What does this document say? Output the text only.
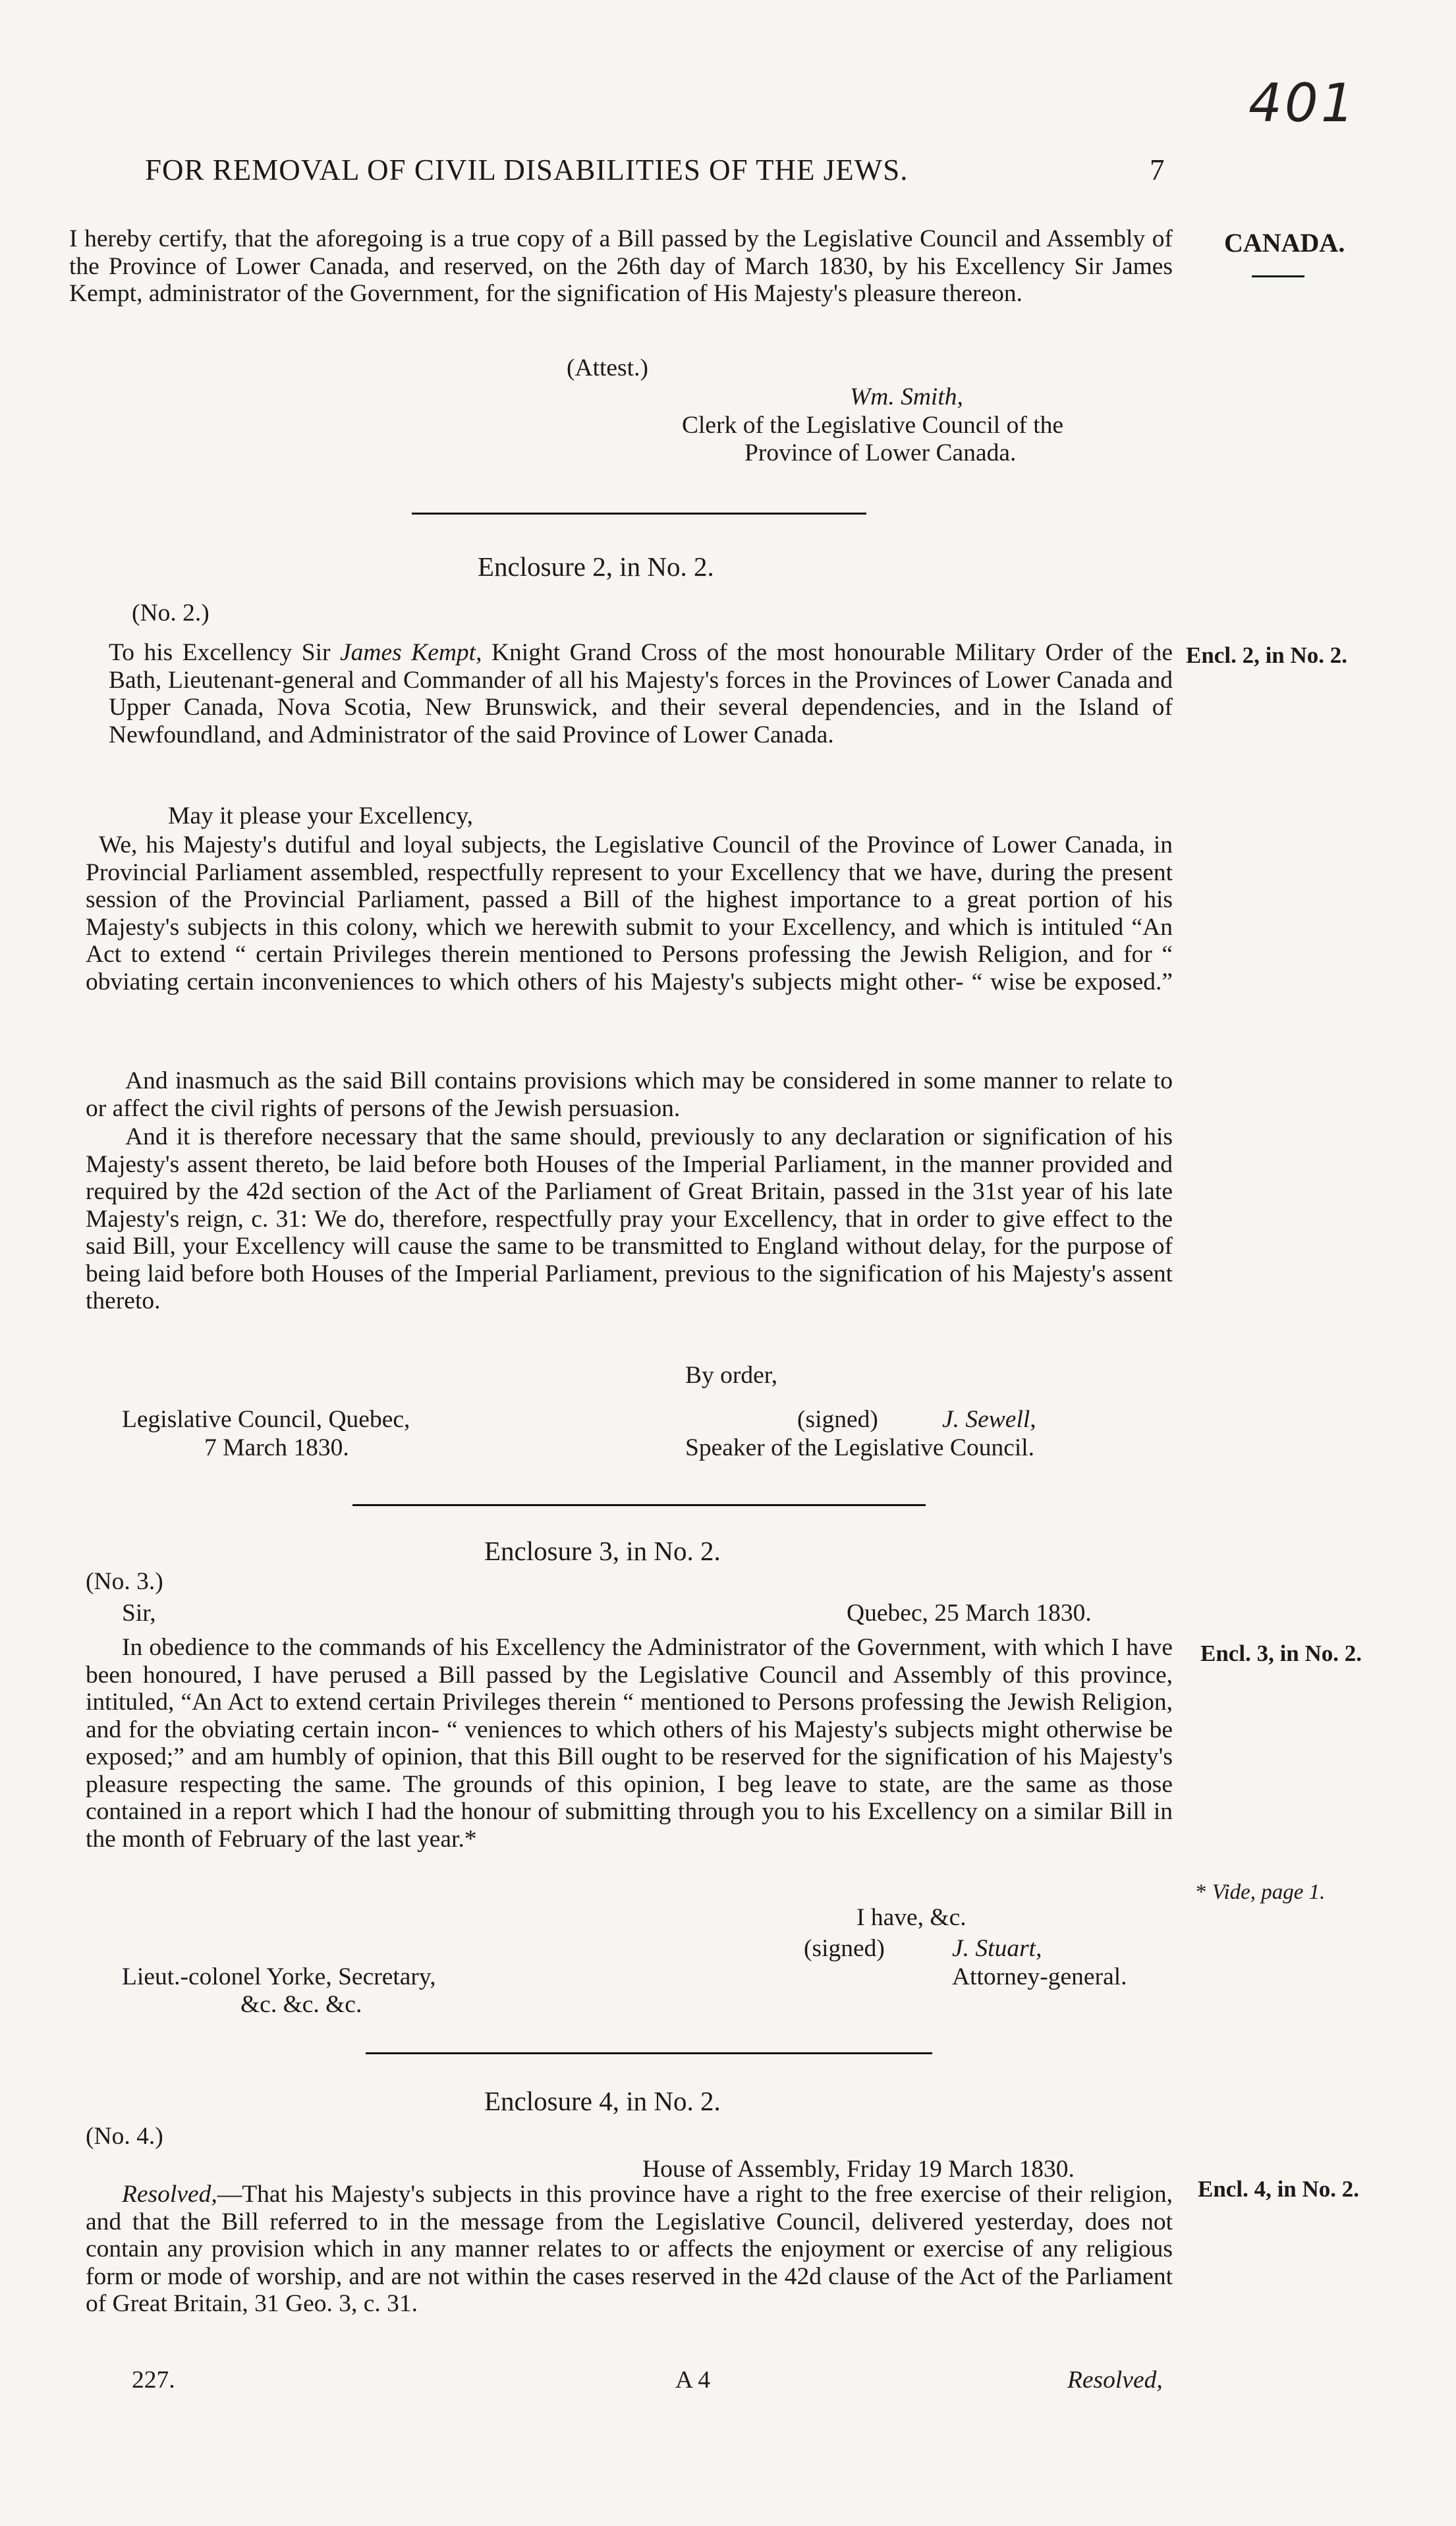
401
FOR REMOVAL OF CIVIL DISABILITIES OF THE JEWS.	7
CANADA.

I hereby certify, that the aforegoing is a true copy of a Bill passed by the Legislative Council and Assembly of the Province of Lower Canada, and reserved, on the 26th day of March 1830, by his Excellency Sir James Kempt, administrator of the Government, for the signification of His Majesty's pleasure thereon.

(Attest.)
Wm. Smith,
Clerk of the Legislative Council of the
Province of Lower Canada.
Enclosure 2, in No. 2.
(No. 2.)
Encl. 2, in No. 2.

To his Excellency Sir James Kempt, Knight Grand Cross of the most honourable Military Order of the Bath, Lieutenant-general and Commander of all his Majesty's forces in the Provinces of Lower Canada and Upper Canada, Nova Scotia, New Brunswick, and their several dependencies, and in the Island of Newfoundland, and Administrator of the said Province of Lower Canada.

May it please your Excellency,

We, his Majesty's dutiful and loyal subjects, the Legislative Council of the Province of Lower Canada, in Provincial Parliament assembled, respectfully represent to your Excellency that we have, during the present session of the Provincial Parliament, passed a Bill of the highest importance to a great portion of his Majesty's subjects in this colony, which we herewith submit to your Excellency, and which is intituled “An Act to extend “ certain Privileges therein mentioned to Persons professing the Jewish Religion, and for “ obviating certain inconveniences to which others of his Majesty's subjects might other- “ wise be exposed.”

And inasmuch as the said Bill contains provisions which may be considered in some manner to relate to or affect the civil rights of persons of the Jewish persuasion.

And it is therefore necessary that the same should, previously to any declaration or signification of his Majesty's assent thereto, be laid before both Houses of the Imperial Parliament, in the manner provided and required by the 42d section of the Act of the Parliament of Great Britain, passed in the 31st year of his late Majesty's reign, c. 31: We do, therefore, respectfully pray your Excellency, that in order to give effect to the said Bill, your Excellency will cause the same to be transmitted to England without delay, for the purpose of being laid before both Houses of the Imperial Parliament, previous to the signification of his Majesty's assent thereto.

By order,
Legislative Council, Quebec,
7 March 1830.
(signed)	J. Sewell,
Speaker of the Legislative Council.
Enclosure 3, in No. 2.
(No. 3.)
Sir,	Quebec, 25 March 1830.
Encl. 3, in No. 2.

In obedience to the commands of his Excellency the Administrator of the Government, with which I have been honoured, I have perused a Bill passed by the Legislative Council and Assembly of this province, intituled, “An Act to extend certain Privileges therein “ mentioned to Persons professing the Jewish Religion, and for the obviating certain incon- “ veniences to which others of his Majesty's subjects might otherwise be exposed;” and am humbly of opinion, that this Bill ought to be reserved for the signification of his Majesty's pleasure respecting the same. The grounds of this opinion, I beg leave to state, are the same as those contained in a report which I had the honour of submitting through you to his Excellency on a similar Bill in the month of February of the last year.*

* Vide, page 1.
I have, &c.
(signed)	J. Stuart,
Attorney-general.
Lieut.-colonel Yorke, Secretary,
&c. &c. &c.
Enclosure 4, in No. 2.
(No. 4.)
House of Assembly, Friday 19 March 1830.
Encl. 4, in No. 2.

Resolved,—That his Majesty's subjects in this province have a right to the free exercise of their religion, and that the Bill referred to in the message from the Legislative Council, delivered yesterday, does not contain any provision which in any manner relates to or affects the enjoyment or exercise of any religious form or mode of worship, and are not within the cases reserved in the 42d clause of the Act of the Parliament of Great Britain, 31 Geo. 3, c. 31.

227.	A 4	Resolved,
